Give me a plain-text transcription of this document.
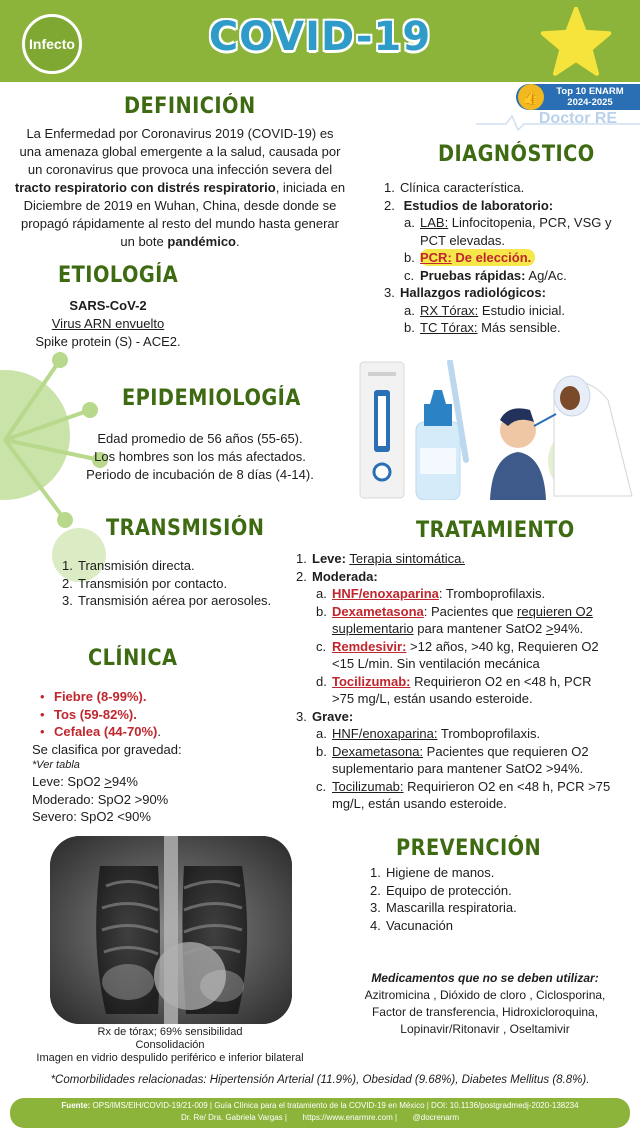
Infecto	COVID-19
👍	Top 10 ENARM
2024-2025
Doctor RE
DEFINICIÓN
La Enfermedad por Coronavirus 2019 (COVID-19) es una amenaza global emergente a la salud, causada por un coronavirus que provoca una infección severa del tracto respiratorio con distrés respiratorio, iniciada en Diciembre de 2019 en Wuhan, China, desde donde se propagó rápidamente al resto del mundo hasta generar un bote pandémico.
ETIOLOGÍA
SARS-CoV-2
Virus ARN envuelto
Spike protein (S) - ACE2.
DIAGNÓSTICO
1. Clínica característica.
2. Estudios de laboratorio:
a. LAB: Linfocitopenia, PCR, VSG y PCT elevadas.
b. PCR: De elección.
c. Pruebas rápidas: Ag/Ac.
3. Hallazgos radiológicos:
a. RX Tórax: Estudio inicial.
b. TC Tórax: Más sensible.
EPIDEMIOLOGÍA
Edad promedio de 56 años (55-65).
Los hombres son los más afectados.
Periodo de incubación de 8 días (4-14).
TRANSMISIÓN
1. Transmisión directa.
2. Transmisión por contacto.
3. Transmisión aérea por aerosoles.
CLÍNICA
• Fiebre (8-99%).
• Tos (59-82%).
• Cefalea (44-70%).
Se clasifica por gravedad:
*Ver tabla
Leve: SpO2 >94%
Moderado: SpO2 >90%
Severo: SpO2 <90%
TRATAMIENTO
1. Leve: Terapia sintomática.
2. Moderada:
a. HNF/enoxaparina: Tromboprofilaxis.
b. Dexametasona: Pacientes que requieren O2 suplementario para mantener SatO2 >94%.
c. Remdesivir: >12 años, >40 kg, Requieren O2 <15 L/min. Sin ventilación mecánica
d. Tocilizumab: Requirieron O2 en <48 h, PCR >75 mg/L, están usando esteroide.
3. Grave:
a. HNF/enoxaparina: Tromboprofilaxis.
b. Dexametasona: Pacientes que requieren O2 suplementario para mantener SatO2 >94%.
c. Tocilizumab: Requirieron O2 en <48 h, PCR >75 mg/L, están usando esteroide.
Rx de tórax; 69% sensibilidad
Consolidación
Imagen en vidrio despulido periférico e inferior bilateral
PREVENCIÓN
1. Higiene de manos.
2. Equipo de protección.
3. Mascarilla respiratoria.
4. Vacunación
Medicamentos que no se deben utilizar:
Azitromicina , Dióxido de cloro , Ciclosporina,
Factor de transferencia, Hidroxicloroquina,
Lopinavir/Ritonavir , Oseltamivir
*Comorbilidades relacionadas: Hipertensión Arterial (11.9%), Obesidad (9.68%), Diabetes Mellitus (8.8%).
Fuente: OPS/IMS/EIH/COVID-19/21-009 | Guía Clínica para el tratamiento de la COVID-19 en México | DOI: 10.1136/postgradmedj-2020-138234
Dr. Re/ Dra. Gabriela Vargas |       https://www.enarmre.com |       @docrenarm
